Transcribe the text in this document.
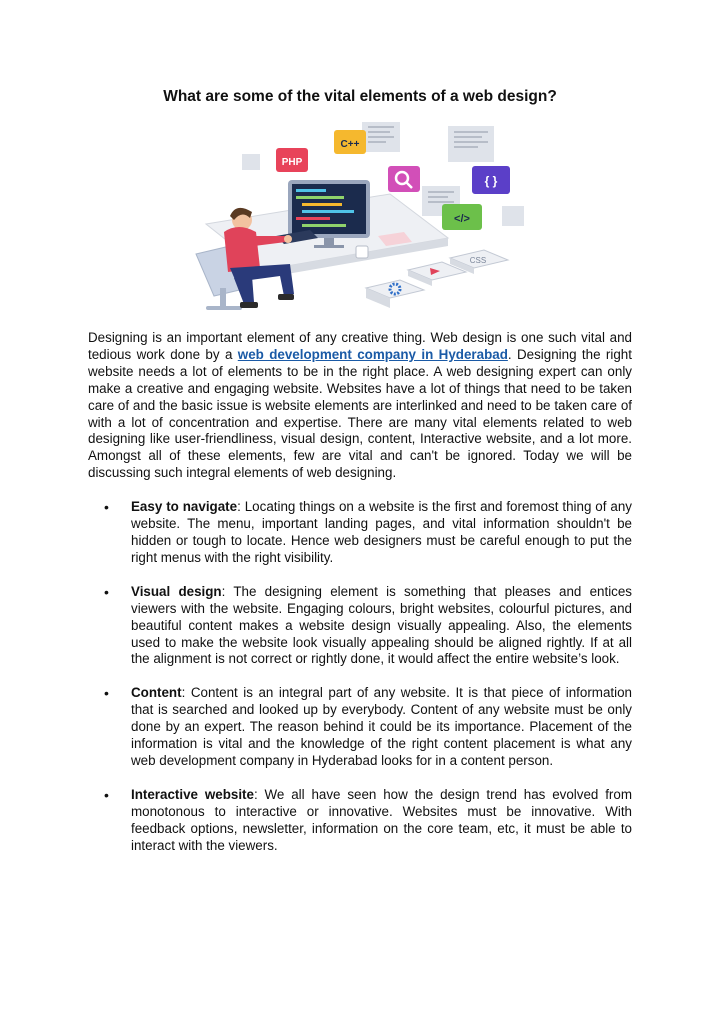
What are some of the vital elements of a web design?
PHP
C++
{ }
</>
CSS

Designing is an important element of any creative thing. Web design is one such vital and tedious work done by a web development company in Hyderabad. Designing the right website needs a lot of elements to be in the right place. A web designing expert can only make a creative and engaging website. Websites have a lot of things that need to be taken care of and the basic issue is website elements are interlinked and need to be taken care of with a lot of concentration and expertise. There are many vital elements related to web designing like user-friendliness, visual design, content, Interactive website, and a lot more. Amongst all of these elements, few are vital and can't be ignored. Today we will be discussing such integral elements of web designing.

• Easy to navigate: Locating things on a website is the first and foremost thing of any website. The menu, important landing pages, and vital information shouldn't be hidden or tough to locate. Hence web designers must be careful enough to put the right menus with the right visibility.
• Visual design: The designing element is something that pleases and entices viewers with the website. Engaging colours, bright websites, colourful pictures, and beautiful content makes a website design visually appealing. Also, the elements used to make the website look visually appealing should be aligned rightly. If at all the alignment is not correct or rightly done, it would affect the entire website’s look.
• Content: Content is an integral part of any website. It is that piece of information that is searched and looked up by everybody. Content of any website must be only done by an expert. The reason behind it could be its importance. Placement of the information is vital and the knowledge of the right content placement is what any web development company in Hyderabad looks for in a content person.
• Interactive website: We all have seen how the design trend has evolved from monotonous to interactive or innovative. Websites must be innovative. With feedback options, newsletter, information on the core team, etc, it must be able to interact with the viewers.
